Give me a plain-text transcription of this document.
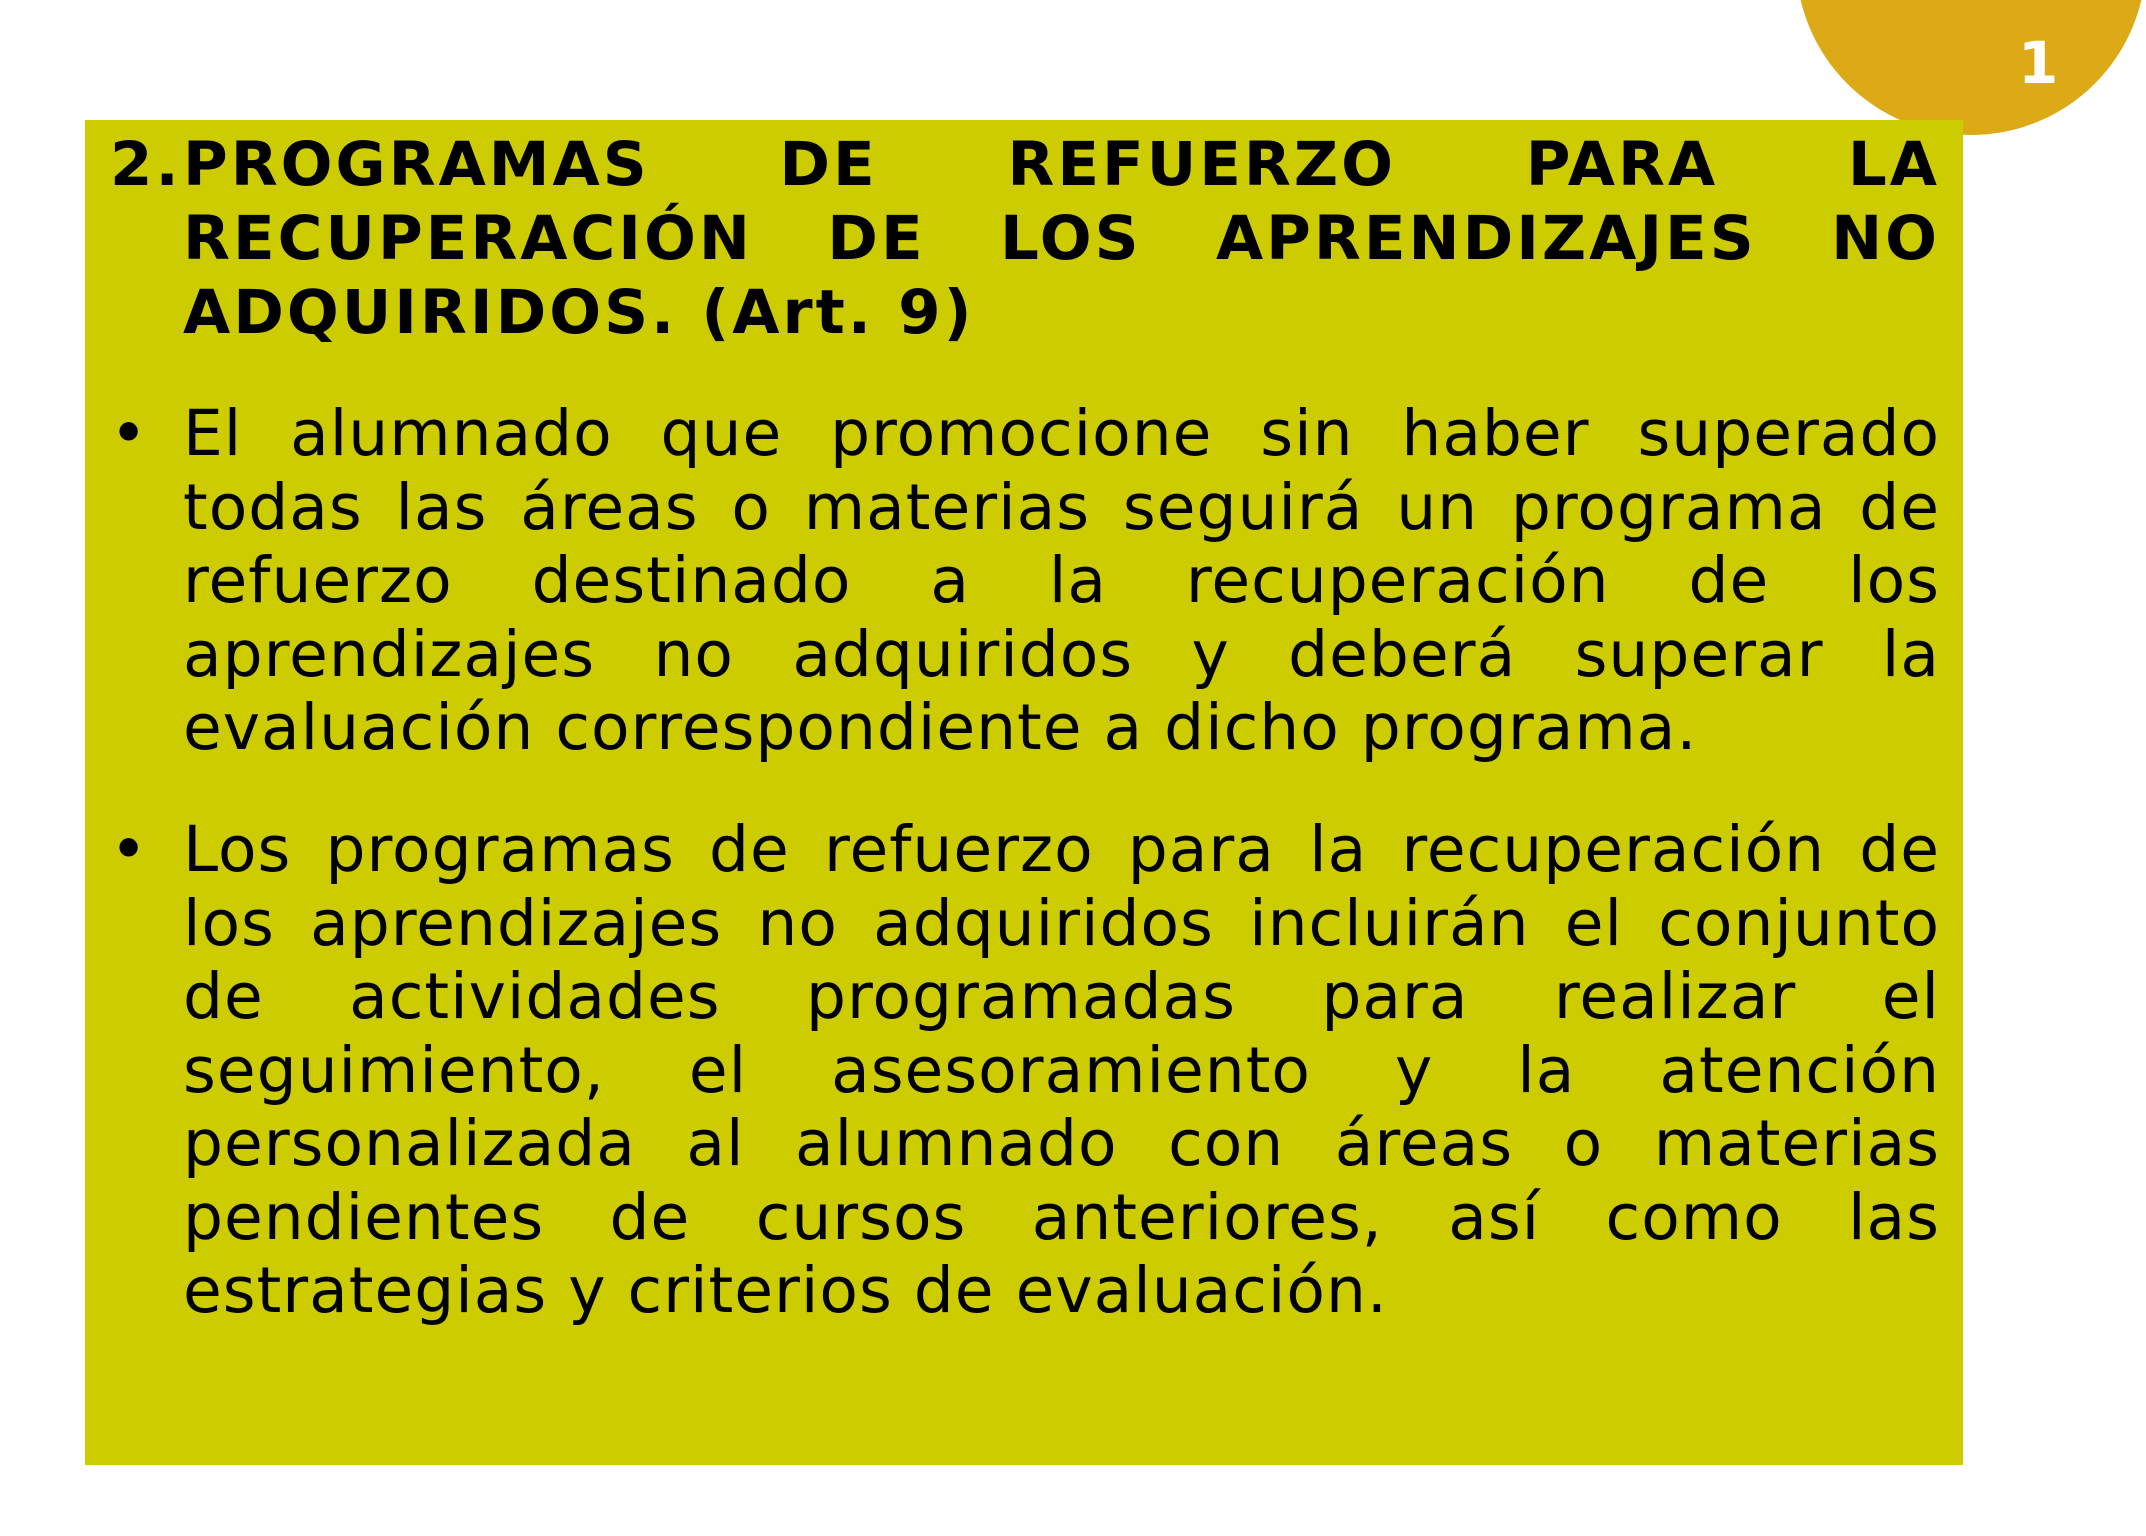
1
2. PROGRAMAS DE REFUERZO PARA LA RECUPERACIÓN DE LOS APRENDIZAJES NO ADQUIRIDOS. (Art. 9)
• El alumnado que promocione sin haber superado todas las áreas o materias seguirá un programa de refuerzo destinado a la recuperación de los aprendizajes no adquiridos y deberá superar la evaluación correspondiente a dicho programa.
• Los programas de refuerzo para la recuperación de los aprendizajes no adquiridos incluirán el conjunto de actividades programadas para realizar el seguimiento, el asesoramiento y la atención personalizada al alumnado con áreas o materias pendientes de cursos anteriores, así como las estrategias y criterios de evaluación.
